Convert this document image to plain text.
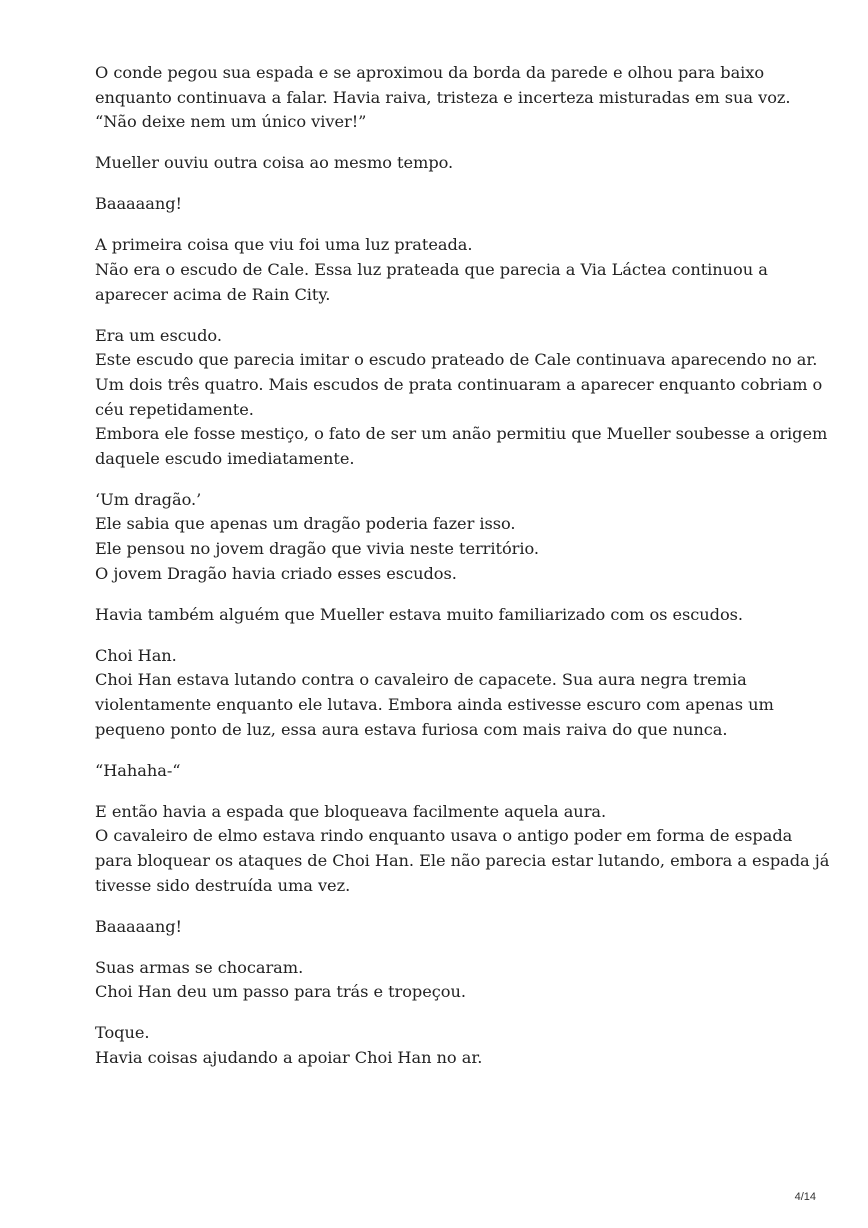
O conde pegou sua espada e se aproximou da borda da parede e olhou para baixo
enquanto continuava a falar. Havia raiva, tristeza e incerteza misturadas em sua voz.
“Não deixe nem um único viver!”

Mueller ouviu outra coisa ao mesmo tempo.

Baaaaang!

A primeira coisa que viu foi uma luz prateada.
Não era o escudo de Cale. Essa luz prateada que parecia a Via Láctea continuou a
aparecer acima de Rain City.

Era um escudo.
Este escudo que parecia imitar o escudo prateado de Cale continuava aparecendo no ar.
Um dois três quatro. Mais escudos de prata continuaram a aparecer enquanto cobriam o
céu repetidamente.
Embora ele fosse mestiço, o fato de ser um anão permitiu que Mueller soubesse a origem
daquele escudo imediatamente.

‘Um dragão.’
Ele sabia que apenas um dragão poderia fazer isso.
Ele pensou no jovem dragão que vivia neste território.
O jovem Dragão havia criado esses escudos.

Havia também alguém que Mueller estava muito familiarizado com os escudos.

Choi Han.
Choi Han estava lutando contra o cavaleiro de capacete. Sua aura negra tremia
violentamente enquanto ele lutava. Embora ainda estivesse escuro com apenas um
pequeno ponto de luz, essa aura estava furiosa com mais raiva do que nunca.

“Hahaha-“

E então havia a espada que bloqueava facilmente aquela aura.
O cavaleiro de elmo estava rindo enquanto usava o antigo poder em forma de espada
para bloquear os ataques de Choi Han. Ele não parecia estar lutando, embora a espada já
tivesse sido destruída uma vez.

Baaaaang!

Suas armas se chocaram.
Choi Han deu um passo para trás e tropeçou.

Toque.
Havia coisas ajudando a apoiar Choi Han no ar.

4/14
